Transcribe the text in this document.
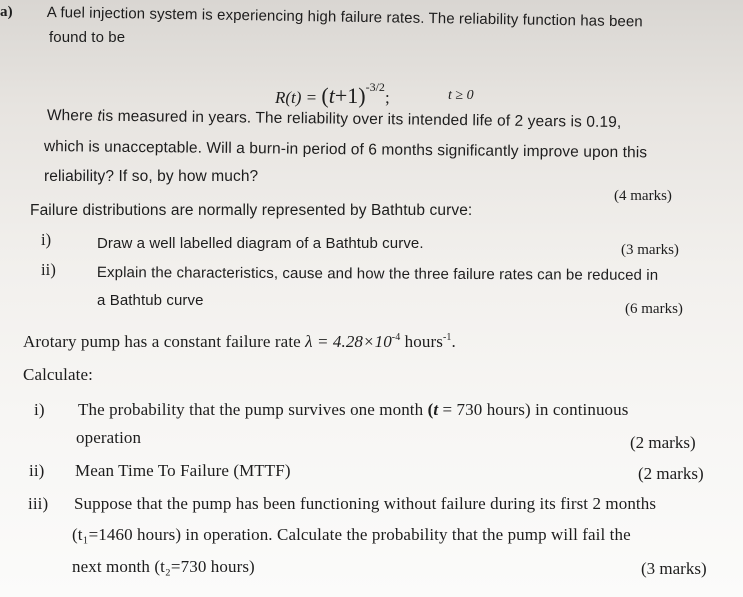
a) A fuel injection system is experiencing high failure rates. The reliability function has been
found to be
$R(t) = (t+1)^{-3/2}$;	t ≥ 0
Where tis measured in years. The reliability over its intended life of 2 years is 0.19,
which is unacceptable. Will a burn-in period of 6 months significantly improve upon this
reliability? If so, by how much?
(4 marks)
Failure distributions are normally represented by Bathtub curve:
i)	Draw a well labelled diagram of a Bathtub curve.	(3 marks)
ii)	Explain the characteristics, cause and how the three failure rates can be reduced in
a Bathtub curve	(6 marks)
Arotary pump has a constant failure rate $\lambda = 4.28\times 10^{-4}$ hours$^{-1}$.
Calculate:
i) The probability that the pump survives one month (t = 730 hours) in continuous
operation	(2 marks)
ii) Mean Time To Failure (MTTF)	(2 marks)
iii) Suppose that the pump has been functioning without failure during its first 2 months
(t₁=1460 hours) in operation. Calculate the probability that the pump will fail the
next month (t₂=730 hours)	(3 marks)
